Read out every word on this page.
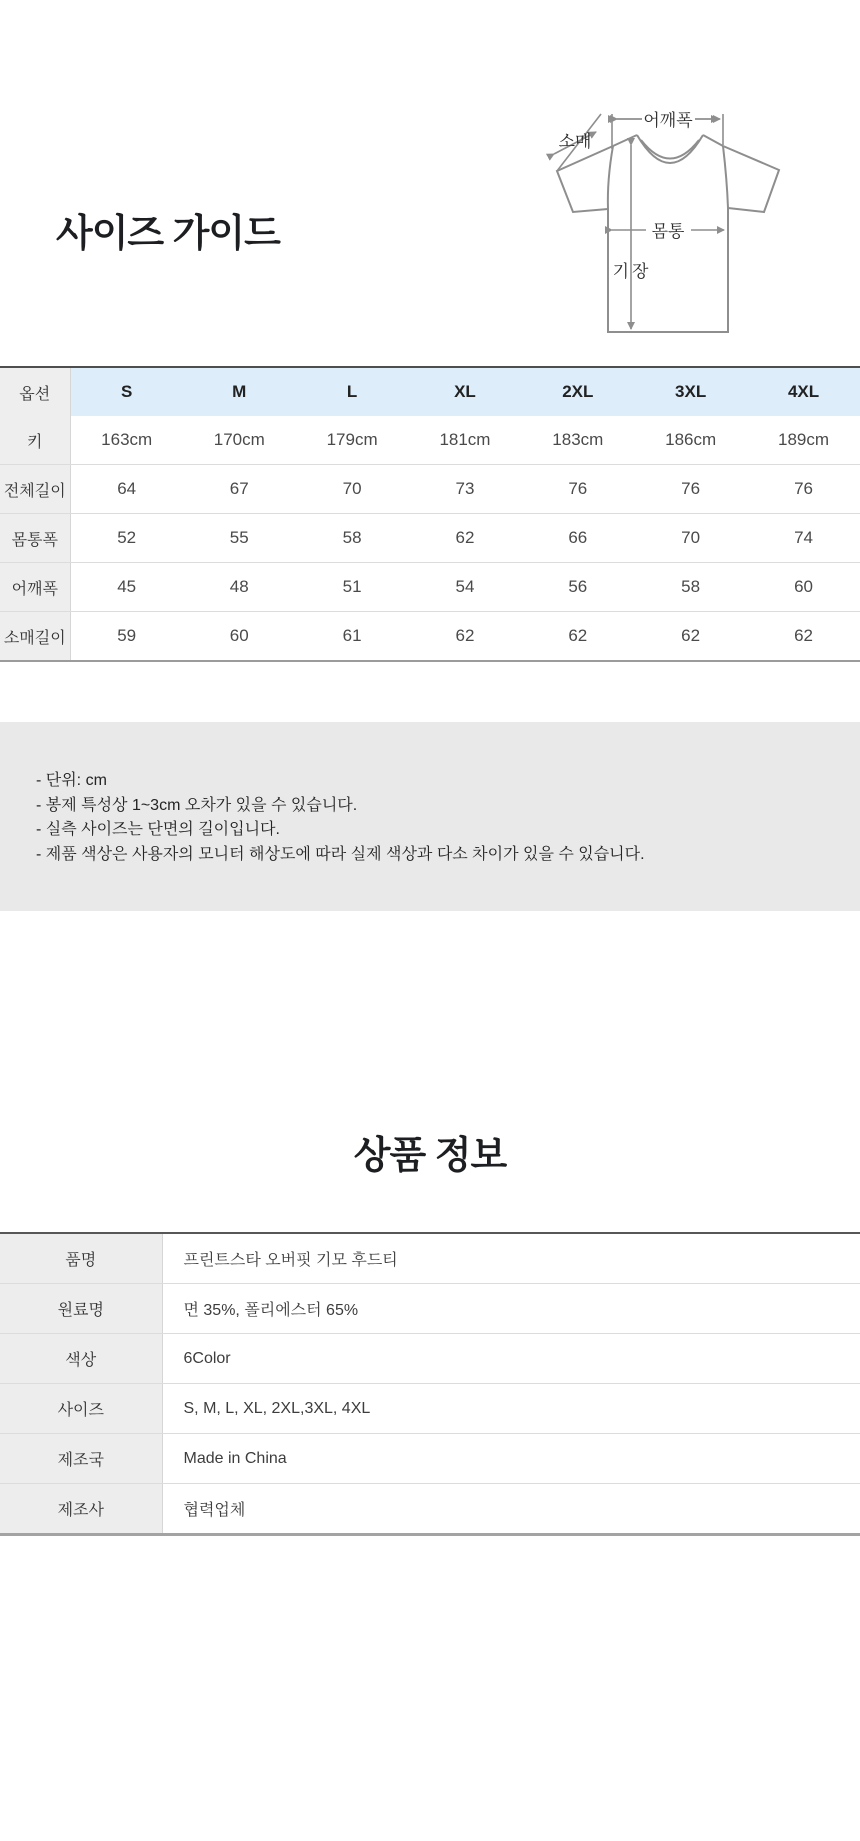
사이즈 가이드
어깨폭
몸통
소매
기장
옵션	S	M	L	XL	2XL	3XL	4XL
키	163cm	170cm	179cm	181cm	183cm	186cm	189cm
전체길이	64	67	70	73	76	76	76
몸통폭	52	55	58	62	66	70	74
어깨폭	45	48	51	54	56	58	60
소매길이	59	60	61	62	62	62	62
- 단위: cm
- 봉제 특성상 1~3cm 오차가 있을 수 있습니다.
- 실측 사이즈는 단면의 길이입니다.
- 제품 색상은 사용자의 모니터 해상도에 따라 실제 색상과 다소 차이가 있을 수 있습니다.
상품 정보
품명	프린트스타 오버핏 기모 후드티
원료명	면 35%, 폴리에스터 65%
색상	6Color
사이즈	S, M, L, XL, 2XL,3XL, 4XL
제조국	Made in China
제조사	협력업체
